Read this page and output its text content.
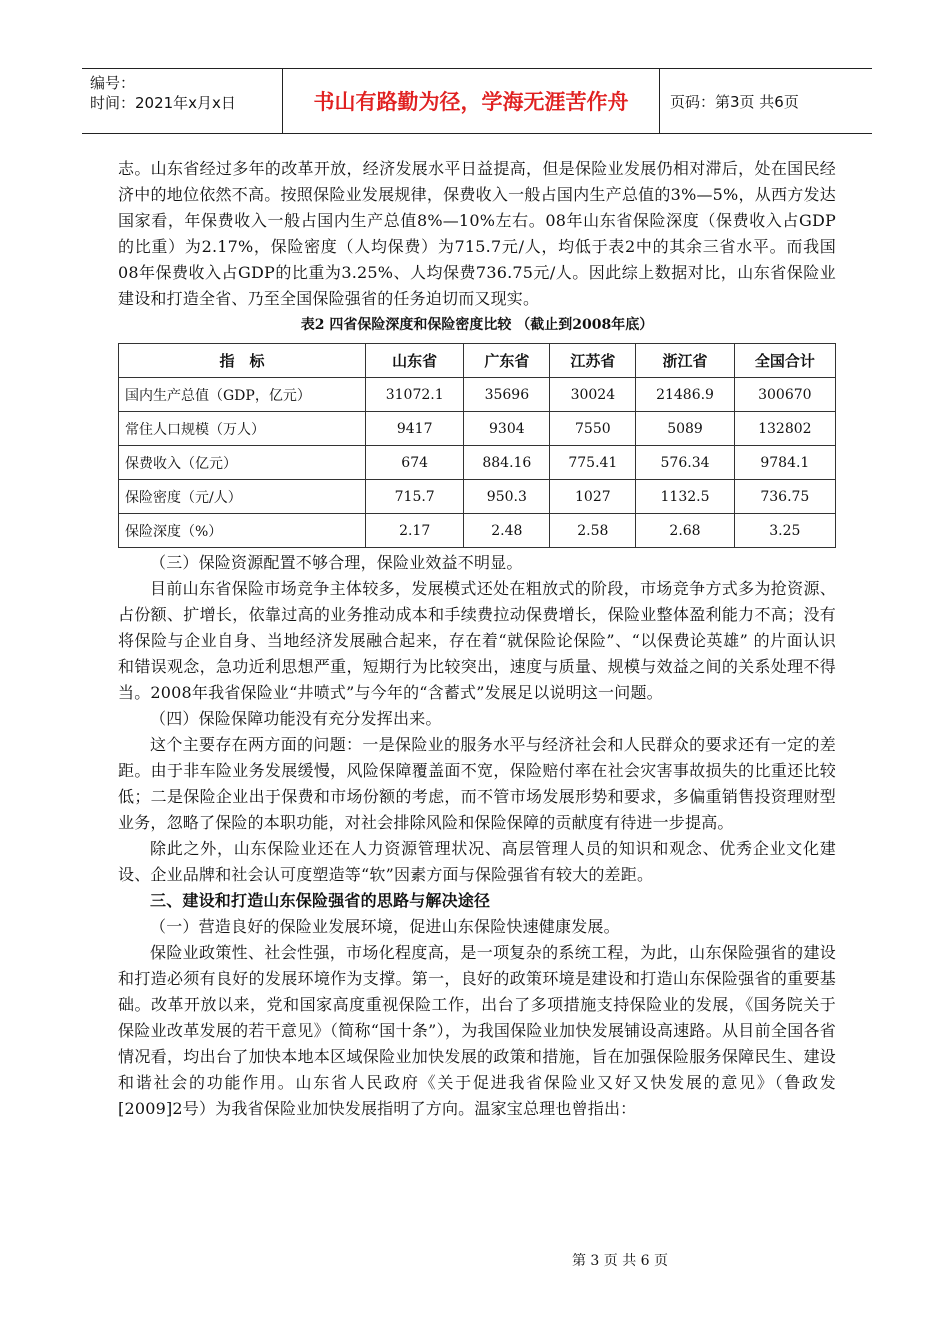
编号：
时间：2021年x月x日	书山有路勤为径，学海无涯苦作舟	页码：第3页 共6页

志。山东省经过多年的改革开放，经济发展水平日益提高，但是保险业发展仍相对滞后，处在国民经济中的地位依然不高。按照保险业发展规律，保费收入一般占国内生产总值的3%—5%，从西方发达国家看，年保费收入一般占国内生产总值8%—10%左右。08年山东省保险深度（保费收入占GDP的比重）为2.17%，保险密度（人均保费）为715.7元/人，均低于表2中的其余三省水平。而我国08年保费收入占GDP的比重为3.25%、人均保费736.75元/人。因此综上数据对比，山东省保险业建设和打造全省、乃至全国保险强省的任务迫切而又现实。

表2 四省保险深度和保险密度比较 （截止到2008年底）
指　标	山东省	广东省	江苏省	浙江省	全国合计
国内生产总值（GDP，亿元）	31072.1	35696	30024	21486.9	300670
常住人口规模（万人）	9417	9304	7550	5089	132802
保费收入（亿元）	674	884.16	775.41	576.34	9784.1
保险密度（元/人）	715.7	950.3	1027	1132.5	736.75
保险深度（%）	2.17	2.48	2.58	2.68	3.25

（三）保险资源配置不够合理，保险业效益不明显。

目前山东省保险市场竞争主体较多，发展模式还处在粗放式的阶段，市场竞争方式多为抢资源、占份额、扩增长，依靠过高的业务推动成本和手续费拉动保费增长，保险业整体盈利能力不高；没有将保险与企业自身、当地经济发展融合起来，存在着“就保险论保险”、“以保费论英雄” 的片面认识和错误观念，急功近利思想严重，短期行为比较突出，速度与质量、规模与效益之间的关系处理不得当。2008年我省保险业“井喷式”与今年的“含蓄式”发展足以说明这一问题。

（四）保险保障功能没有充分发挥出来。

这个主要存在两方面的问题：一是保险业的服务水平与经济社会和人民群众的要求还有一定的差距。由于非车险业务发展缓慢，风险保障覆盖面不宽，保险赔付率在社会灾害事故损失的比重还比较低；二是保险企业出于保费和市场份额的考虑，而不管市场发展形势和要求，多偏重销售投资理财型业务，忽略了保险的本职功能，对社会排除风险和保险保障的贡献度有待进一步提高。

除此之外，山东保险业还在人力资源管理状况、高层管理人员的知识和观念、优秀企业文化建设、企业品牌和社会认可度塑造等“软”因素方面与保险强省有较大的差距。

三、建设和打造山东保险强省的思路与解决途径

（一）营造良好的保险业发展环境，促进山东保险快速健康发展。

保险业政策性、社会性强，市场化程度高，是一项复杂的系统工程，为此，山东保险强省的建设和打造必须有良好的发展环境作为支撑。第一，良好的政策环境是建设和打造山东保险强省的重要基础。改革开放以来，党和国家高度重视保险工作，出台了多项措施支持保险业的发展，《国务院关于保险业改革发展的若干意见》（简称“国十条”），为我国保险业加快发展铺设高速路。从目前全国各省情况看，均出台了加快本地本区域保险业加快发展的政策和措施，旨在加强保险服务保障民生、建设和谐社会的功能作用。山东省人民政府《关于促进我省保险业又好又快发展的意见》（鲁政发[2009]2号）为我省保险业加快发展指明了方向。温家宝总理也曾指出：

第 3 页 共 6 页
